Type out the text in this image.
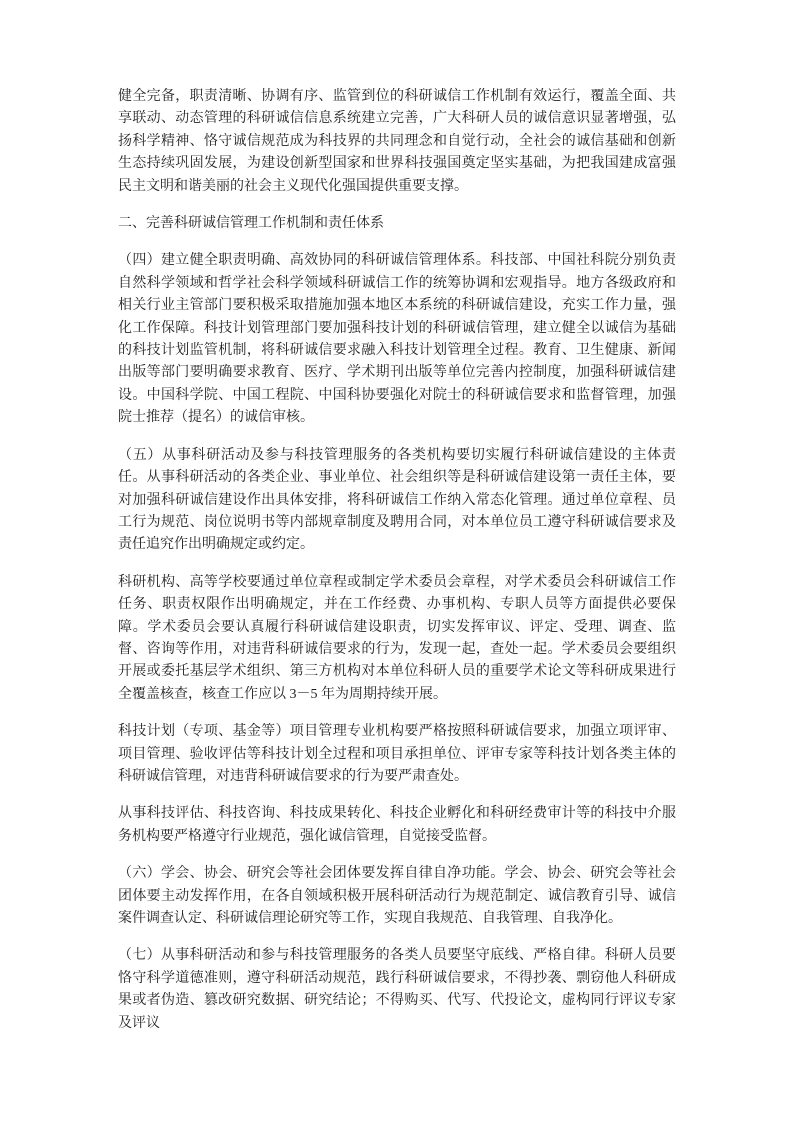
健全完备，职责清晰、协调有序、监管到位的科研诚信工作机制有效运行，覆盖全面、共享联动、动态管理的科研诚信信息系统建立完善，广大科研人员的诚信意识显著增强，弘扬科学精神、恪守诚信规范成为科技界的共同理念和自觉行动，全社会的诚信基础和创新生态持续巩固发展，为建设创新型国家和世界科技强国奠定坚实基础，为把我国建成富强民主文明和谐美丽的社会主义现代化强国提供重要支撑。

二、完善科研诚信管理工作机制和责任体系

（四）建立健全职责明确、高效协同的科研诚信管理体系。科技部、中国社科院分别负责自然科学领域和哲学社会科学领域科研诚信工作的统筹协调和宏观指导。地方各级政府和相关行业主管部门要积极采取措施加强本地区本系统的科研诚信建设，充实工作力量，强化工作保障。科技计划管理部门要加强科技计划的科研诚信管理，建立健全以诚信为基础的科技计划监管机制，将科研诚信要求融入科技计划管理全过程。教育、卫生健康、新闻出版等部门要明确要求教育、医疗、学术期刊出版等单位完善内控制度，加强科研诚信建设。中国科学院、中国工程院、中国科协要强化对院士的科研诚信要求和监督管理，加强院士推荐（提名）的诚信审核。

（五）从事科研活动及参与科技管理服务的各类机构要切实履行科研诚信建设的主体责任。从事科研活动的各类企业、事业单位、社会组织等是科研诚信建设第一责任主体，要对加强科研诚信建设作出具体安排，将科研诚信工作纳入常态化管理。通过单位章程、员工行为规范、岗位说明书等内部规章制度及聘用合同，对本单位员工遵守科研诚信要求及责任追究作出明确规定或约定。

科研机构、高等学校要通过单位章程或制定学术委员会章程，对学术委员会科研诚信工作任务、职责权限作出明确规定，并在工作经费、办事机构、专职人员等方面提供必要保障。学术委员会要认真履行科研诚信建设职责，切实发挥审议、评定、受理、调查、监督、咨询等作用，对违背科研诚信要求的行为，发现一起，查处一起。学术委员会要组织开展或委托基层学术组织、第三方机构对本单位科研人员的重要学术论文等科研成果进行全覆盖核查，核查工作应以 3－5 年为周期持续开展。

科技计划（专项、基金等）项目管理专业机构要严格按照科研诚信要求，加强立项评审、项目管理、验收评估等科技计划全过程和项目承担单位、评审专家等科技计划各类主体的科研诚信管理，对违背科研诚信要求的行为要严肃查处。

从事科技评估、科技咨询、科技成果转化、科技企业孵化和科研经费审计等的科技中介服务机构要严格遵守行业规范，强化诚信管理，自觉接受监督。

（六）学会、协会、研究会等社会团体要发挥自律自净功能。学会、协会、研究会等社会团体要主动发挥作用，在各自领域积极开展科研活动行为规范制定、诚信教育引导、诚信案件调查认定、科研诚信理论研究等工作，实现自我规范、自我管理、自我净化。

（七）从事科研活动和参与科技管理服务的各类人员要坚守底线、严格自律。科研人员要恪守科学道德准则，遵守科研活动规范，践行科研诚信要求，不得抄袭、剽窃他人科研成果或者伪造、篡改研究数据、研究结论；不得购买、代写、代投论文，虚构同行评议专家及评议
